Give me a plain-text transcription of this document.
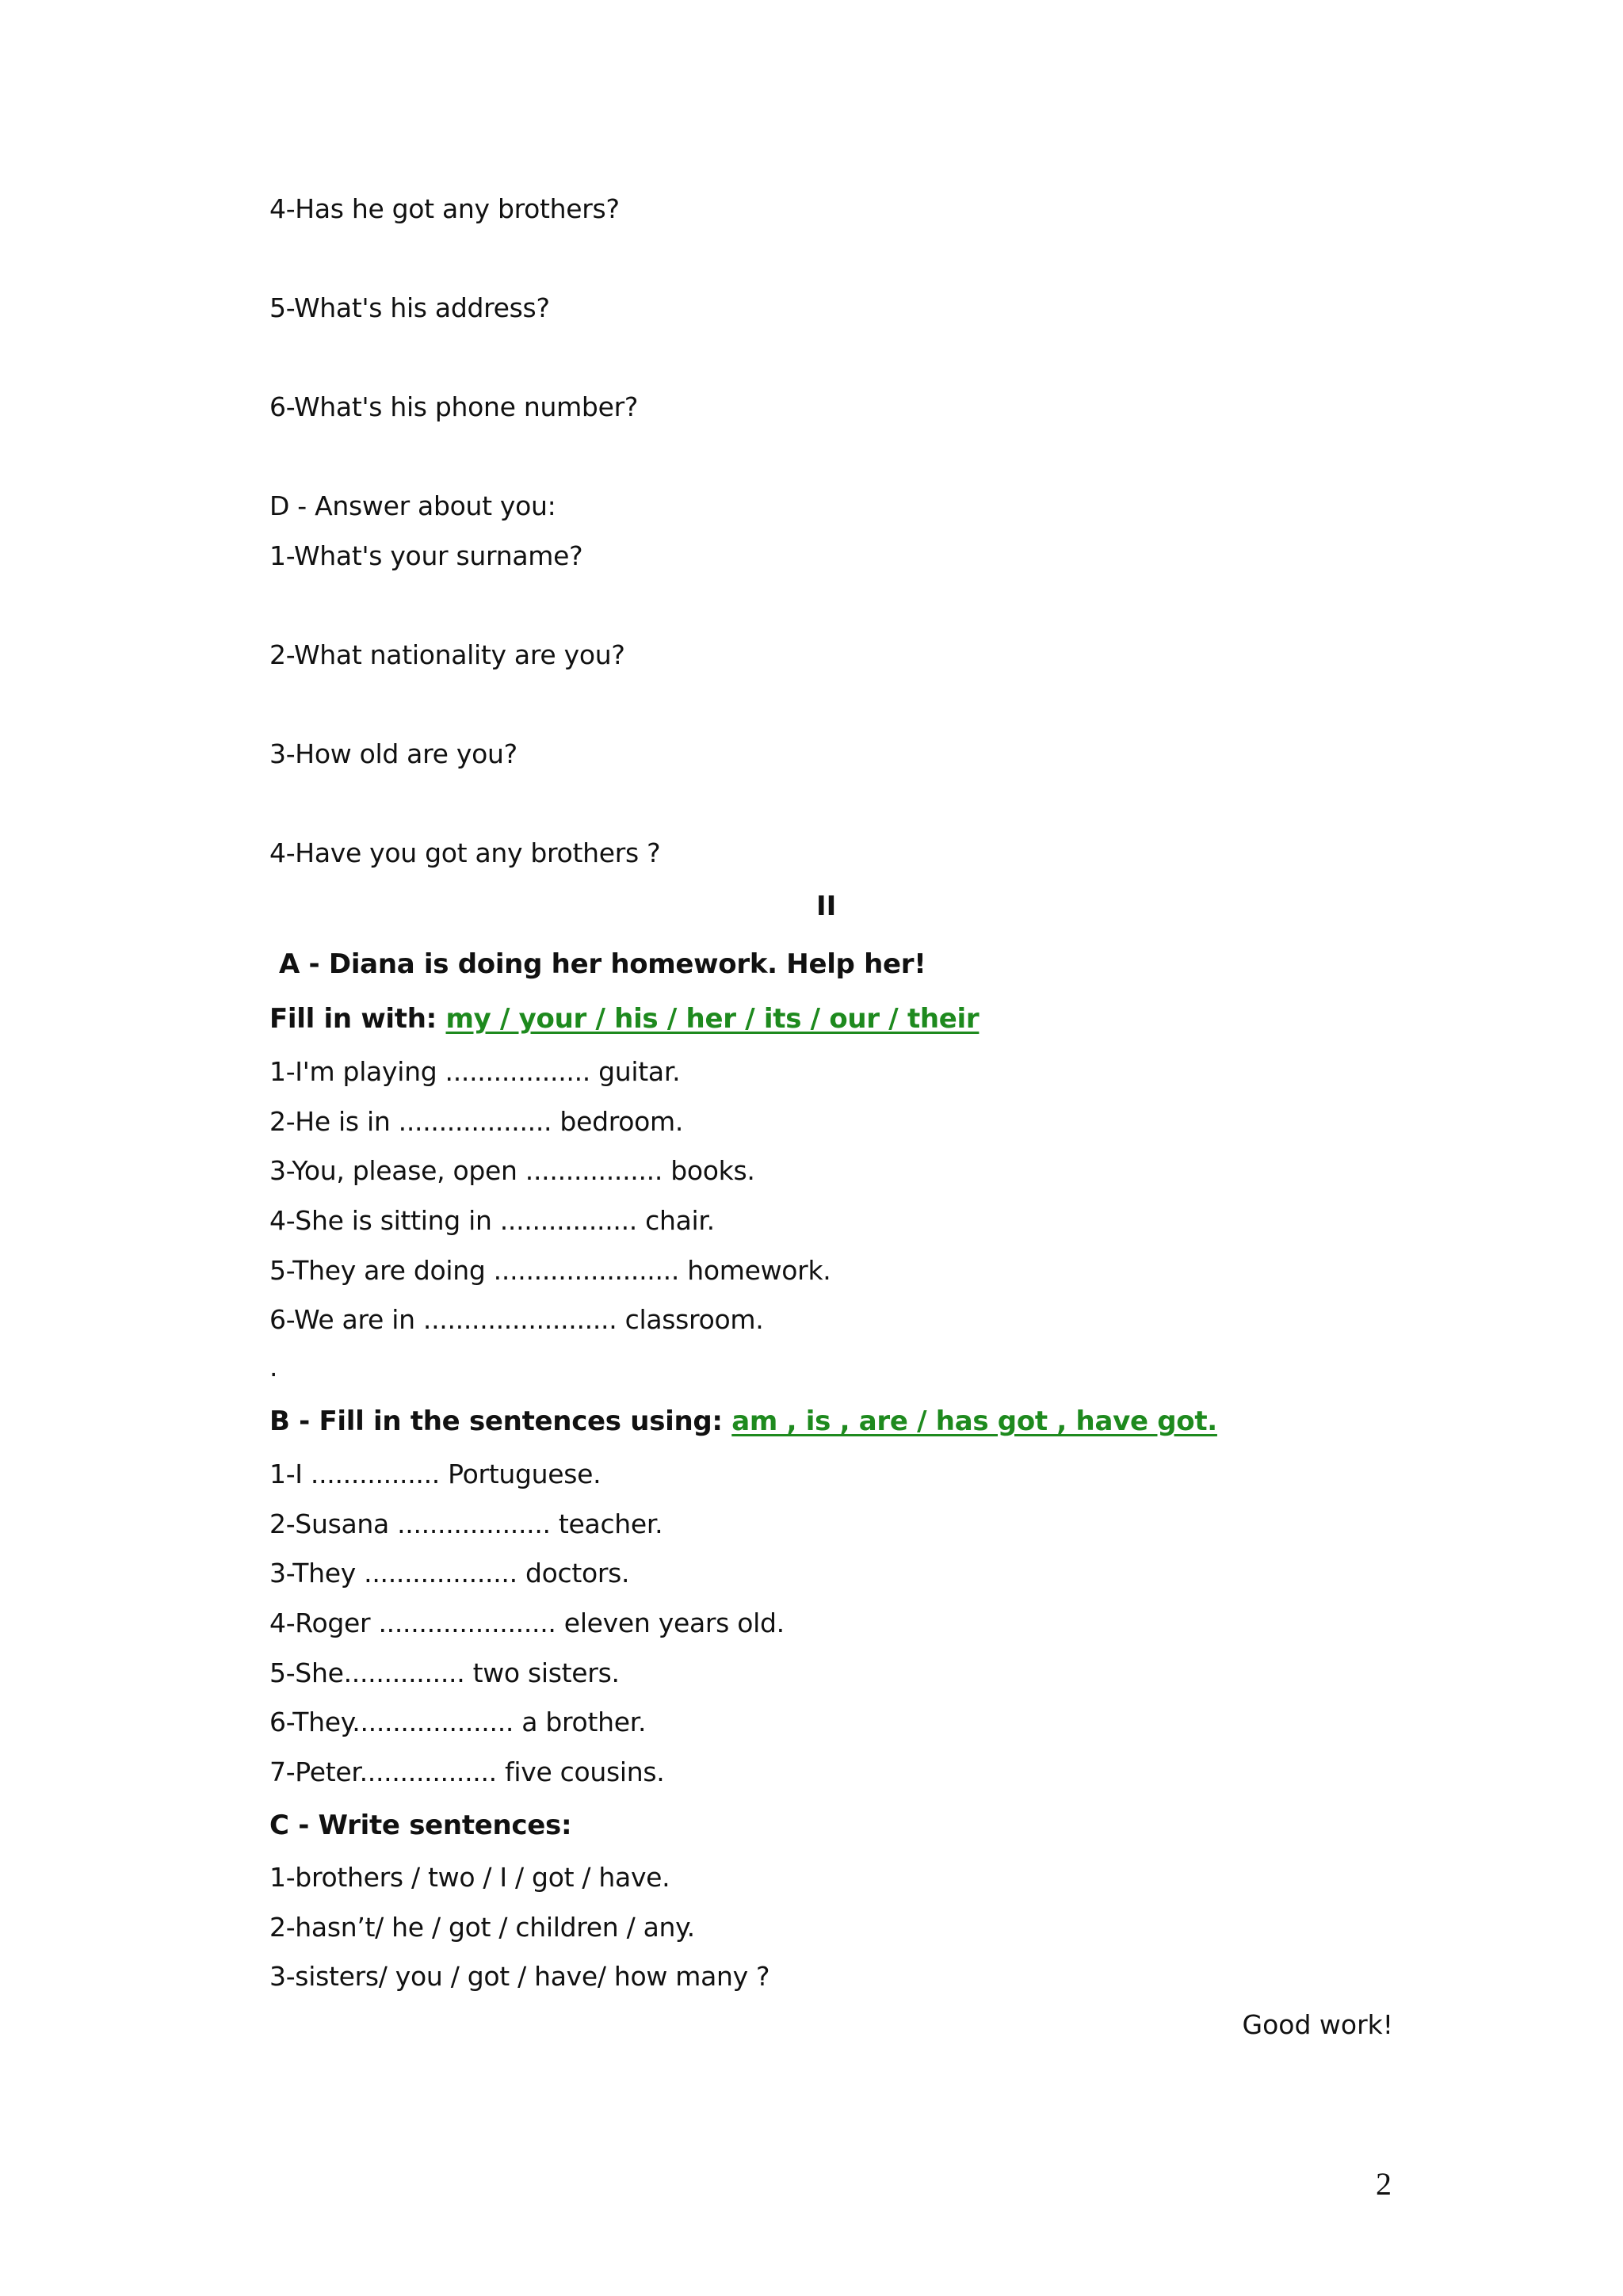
4-Has he got any brothers?
5-What's his address?
6-What's his phone number?
D - Answer about you:
1-What's your surname?
2-What nationality are you?
3-How old are you?
4-Have you got any brothers ?
II
A - Diana is doing her homework. Help her!
Fill in with: my / your / his / her / its / our / their
1-I'm playing .................. guitar.
2-He is in ................... bedroom.
3-You, please, open ................. books.
4-She is sitting in ................. chair.
5-They are doing ....................... homework.
6-We are in ........................ classroom.
.
B - Fill in the sentences using: am , is , are / has got , have got.
1-I ................ Portuguese.
2-Susana ................... teacher.
3-They ................... doctors.
4-Roger ...................... eleven years old.
5-She............... two sisters.
6-They.................... a brother.
7-Peter................. five cousins.
C - Write sentences:
1-brothers / two / I / got / have.
2-hasn’t/ he / got / children / any.
3-sisters/ you / got / have/ how many ?
Good work!
2
